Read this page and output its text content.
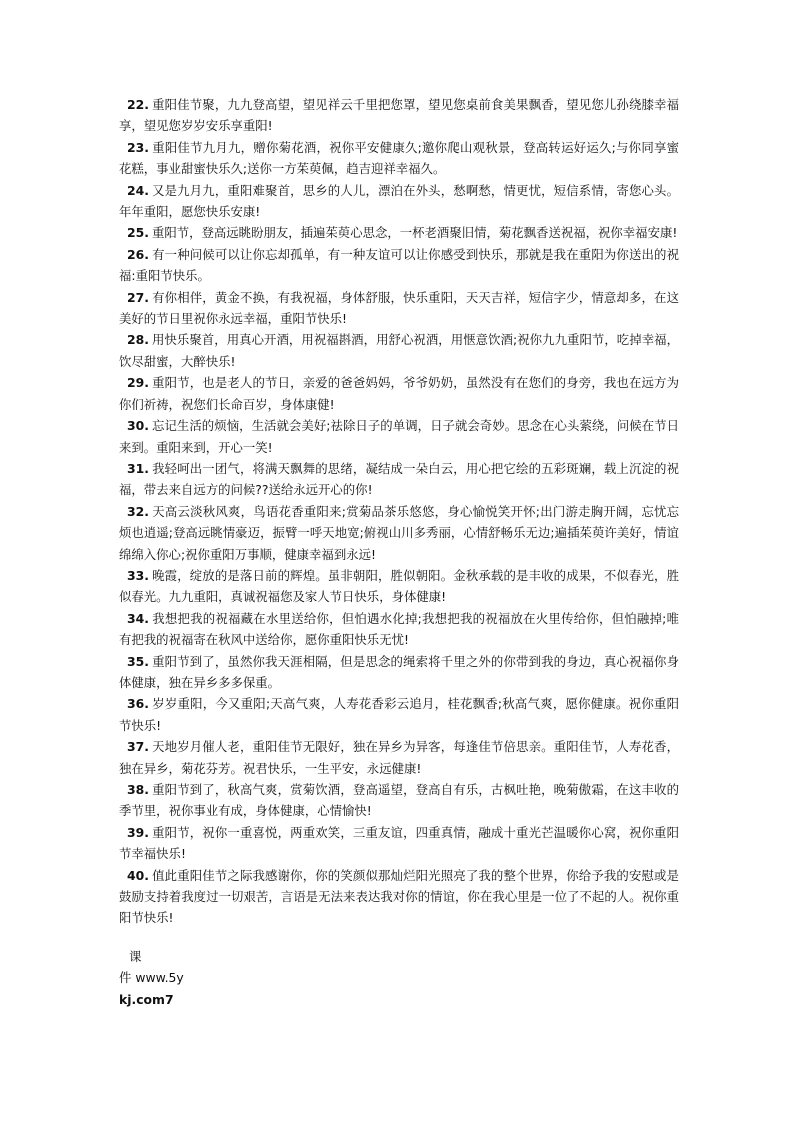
22. 重阳佳节聚，九九登高望，望见祥云千里把您罩，望见您桌前食美果飘香，望见您儿孙绕膝幸福享，望见您岁岁安乐享重阳!

23. 重阳佳节九月九，赠你菊花酒，祝你平安健康久;邀你爬山观秋景，登高转运好运久;与你同享蜜花糕，事业甜蜜快乐久;送你一方茱萸佩，趋吉迎祥幸福久。

24. 又是九月九，重阳难聚首，思乡的人儿，漂泊在外头，愁啊愁，情更忧，短信系情，寄您心头。年年重阳，愿您快乐安康!

25. 重阳节，登高远眺盼朋友，插遍茱萸心思念，一杯老酒聚旧情，菊花飘香送祝福，祝你幸福安康!

26. 有一种问候可以让你忘却孤单，有一种友谊可以让你感受到快乐，那就是我在重阳为你送出的祝福:重阳节快乐。

27. 有你相伴，黄金不换，有我祝福，身体舒服，快乐重阳，天天吉祥，短信字少，情意却多，在这美好的节日里祝你永远幸福，重阳节快乐!

28. 用快乐聚首，用真心开酒，用祝福斟酒，用舒心祝酒，用惬意饮酒;祝你九九重阳节，吃掉幸福，饮尽甜蜜，大醉快乐!

29. 重阳节，也是老人的节日，亲爱的爸爸妈妈，爷爷奶奶，虽然没有在您们的身旁，我也在远方为你们祈祷，祝您们长命百岁，身体康健!

30. 忘记生活的烦恼，生活就会美好;祛除日子的单调，日子就会奇妙。思念在心头萦绕，问候在节日来到。重阳来到，开心一笑!

31. 我轻呵出一团气，将满天飘舞的思绪，凝结成一朵白云，用心把它绘的五彩斑斓，载上沉淀的祝福，带去来自远方的问候??送给永远开心的你!

32. 天高云淡秋风爽，鸟语花香重阳来;赏菊品茶乐悠悠，身心愉悦笑开怀;出门游走胸开阔，忘忧忘烦也逍遥;登高远眺情豪迈，振臂一呼天地宽;俯视山川多秀丽，心情舒畅乐无边;遍插茱萸许美好，情谊绵绵入你心;祝你重阳万事顺，健康幸福到永远!

33. 晚霞，绽放的是落日前的辉煌。虽非朝阳，胜似朝阳。金秋承载的是丰收的成果，不似春光，胜似春光。九九重阳，真诚祝福您及家人节日快乐，身体健康!

34. 我想把我的祝福藏在水里送给你，但怕遇水化掉;我想把我的祝福放在火里传给你，但怕融掉;唯有把我的祝福寄在秋风中送给你，愿你重阳快乐无忧!

35. 重阳节到了，虽然你我天涯相隔，但是思念的绳索将千里之外的你带到我的身边，真心祝福你身体健康，独在异乡多多保重。

36. 岁岁重阳，今又重阳;天高气爽，人寿花香彩云追月，桂花飘香;秋高气爽，愿你健康。祝你重阳节快乐!

37. 天地岁月催人老，重阳佳节无限好，独在异乡为异客，每逢佳节倍思亲。重阳佳节，人寿花香，独在异乡，菊花芬芳。祝君快乐，一生平安，永远健康!

38. 重阳节到了，秋高气爽，赏菊饮酒，登高遥望，登高自有乐，古枫吐艳，晚菊傲霜，在这丰收的季节里，祝你事业有成，身体健康，心情愉快!

39. 重阳节，祝你一重喜悦，两重欢笑，三重友谊，四重真情，融成十重光芒温暖你心窝，祝你重阳节幸福快乐!

40. 值此重阳佳节之际我感谢你，你的笑颜似那灿烂阳光照亮了我的整个世界，你给予我的安慰或是鼓励支持着我度过一切艰苦，言语是无法来表达我对你的情谊，你在我心里是一位了不起的人。祝你重阳节快乐!

课
件 www.5y
kj.com7
